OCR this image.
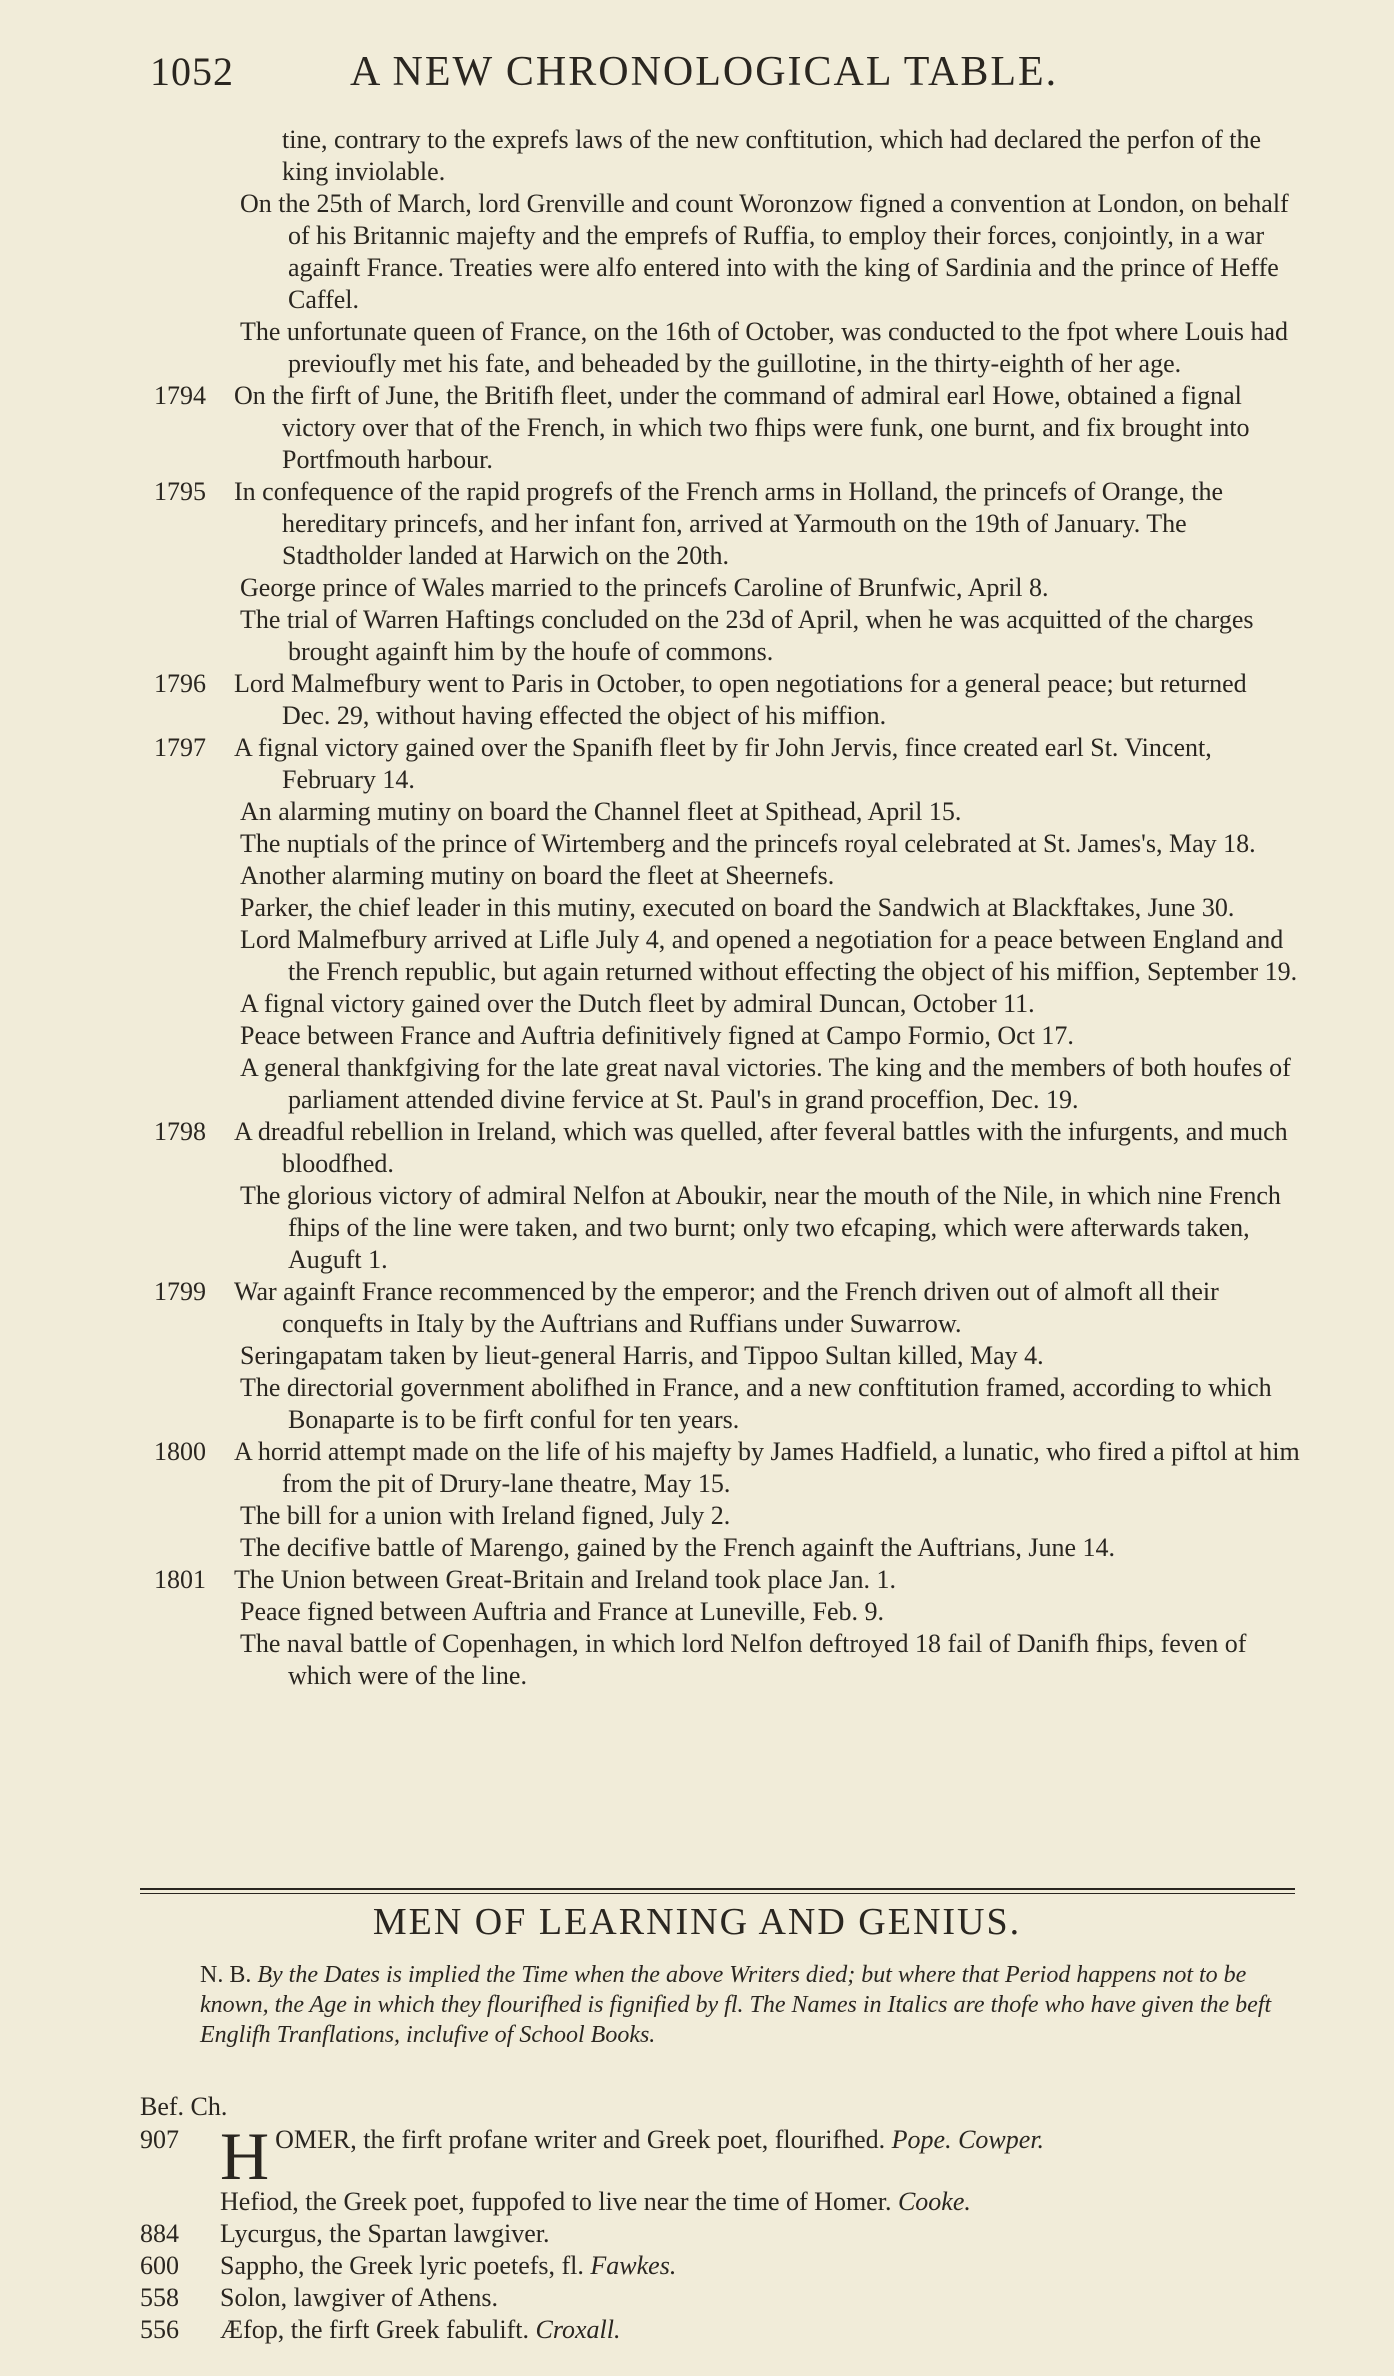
1052	A NEW CHRONOLOGICAL TABLE.

tine, contrary to the exprefs laws of the new conftitution, which had declared the perfon of the king inviolable.

On the 25th of March, lord Grenville and count Woronzow figned a convention at London, on behalf of his Britannic majefty and the emprefs of Ruffia, to employ their forces, conjointly, in a war againft France. Treaties were alfo entered into with the king of Sardinia and the prince of Heffe Caffel.

The unfortunate queen of France, on the 16th of October, was conducted to the fpot where Louis had previoufly met his fate, and beheaded by the guillotine, in the thirty-eighth of her age.

1794	On the firft of June, the Britifh fleet, under the command of admiral earl Howe, obtained a fignal victory over that of the French, in which two fhips were funk, one burnt, and fix brought into Portfmouth harbour.

1795	In confequence of the rapid progrefs of the French arms in Holland, the princefs of Orange, the hereditary princefs, and her infant fon, arrived at Yarmouth on the 19th of January. The Stadtholder landed at Harwich on the 20th.

George prince of Wales married to the princefs Caroline of Brunfwic, April 8.

The trial of Warren Haftings concluded on the 23d of April, when he was acquitted of the charges brought againft him by the houfe of commons.

1796	Lord Malmefbury went to Paris in October, to open negotiations for a general peace; but returned Dec. 29, without having effected the object of his miffion.

1797	A fignal victory gained over the Spanifh fleet by fir John Jervis, fince created earl St. Vincent, February 14.

An alarming mutiny on board the Channel fleet at Spithead, April 15.

The nuptials of the prince of Wirtemberg and the princefs royal celebrated at St. James's, May 18.

Another alarming mutiny on board the fleet at Sheernefs.

Parker, the chief leader in this mutiny, executed on board the Sandwich at Blackftakes, June 30.

Lord Malmefbury arrived at Lifle July 4, and opened a negotiation for a peace between England and the French republic, but again returned without effecting the object of his miffion, September 19.

A fignal victory gained over the Dutch fleet by admiral Duncan, October 11.

Peace between France and Auftria definitively figned at Campo Formio, Oct 17.

A general thankfgiving for the late great naval victories. The king and the members of both houfes of parliament attended divine fervice at St. Paul's in grand proceffion, Dec. 19.

1798	A dreadful rebellion in Ireland, which was quelled, after feveral battles with the infurgents, and much bloodfhed.

The glorious victory of admiral Nelfon at Aboukir, near the mouth of the Nile, in which nine French fhips of the line were taken, and two burnt; only two efcaping, which were afterwards taken, Auguft 1.

1799	War againft France recommenced by the emperor; and the French driven out of almoft all their conquefts in Italy by the Auftrians and Ruffians under Suwarrow.

Seringapatam taken by lieut-general Harris, and Tippoo Sultan killed, May 4.

The directorial government abolifhed in France, and a new conftitution framed, according to which Bonaparte is to be firft conful for ten years.

1800	A horrid attempt made on the life of his majefty by James Hadfield, a lunatic, who fired a piftol at him from the pit of Drury-lane theatre, May 15.

The bill for a union with Ireland figned, July 2.

The decifive battle of Marengo, gained by the French againft the Auftrians, June 14.

1801	The Union between Great-Britain and Ireland took place Jan. 1.

Peace figned between Auftria and France at Luneville, Feb. 9.

The naval battle of Copenhagen, in which lord Nelfon deftroyed 18 fail of Danifh fhips, feven of which were of the line.

MEN OF LEARNING AND GENIUS.
N. B. By the Dates is implied the Time when the above Writers died; but where that Period happens not to be known, the Age in which they flourifhed is fignified by fl. The Names in Italics are thofe who have given the beft Englifh Tranflations, inclufive of School Books.
Bef. Ch.
907 HOMER, the firft profane writer and Greek poet, flourifhed. Pope. Cowper.
Hefiod, the Greek poet, fuppofed to live near the time of Homer. Cooke.
884	Lycurgus, the Spartan lawgiver.
600	Sappho, the Greek lyric poetefs, fl. Fawkes.
558	Solon, lawgiver of Athens.
556	Æfop, the firft Greek fabulift. Croxall.
